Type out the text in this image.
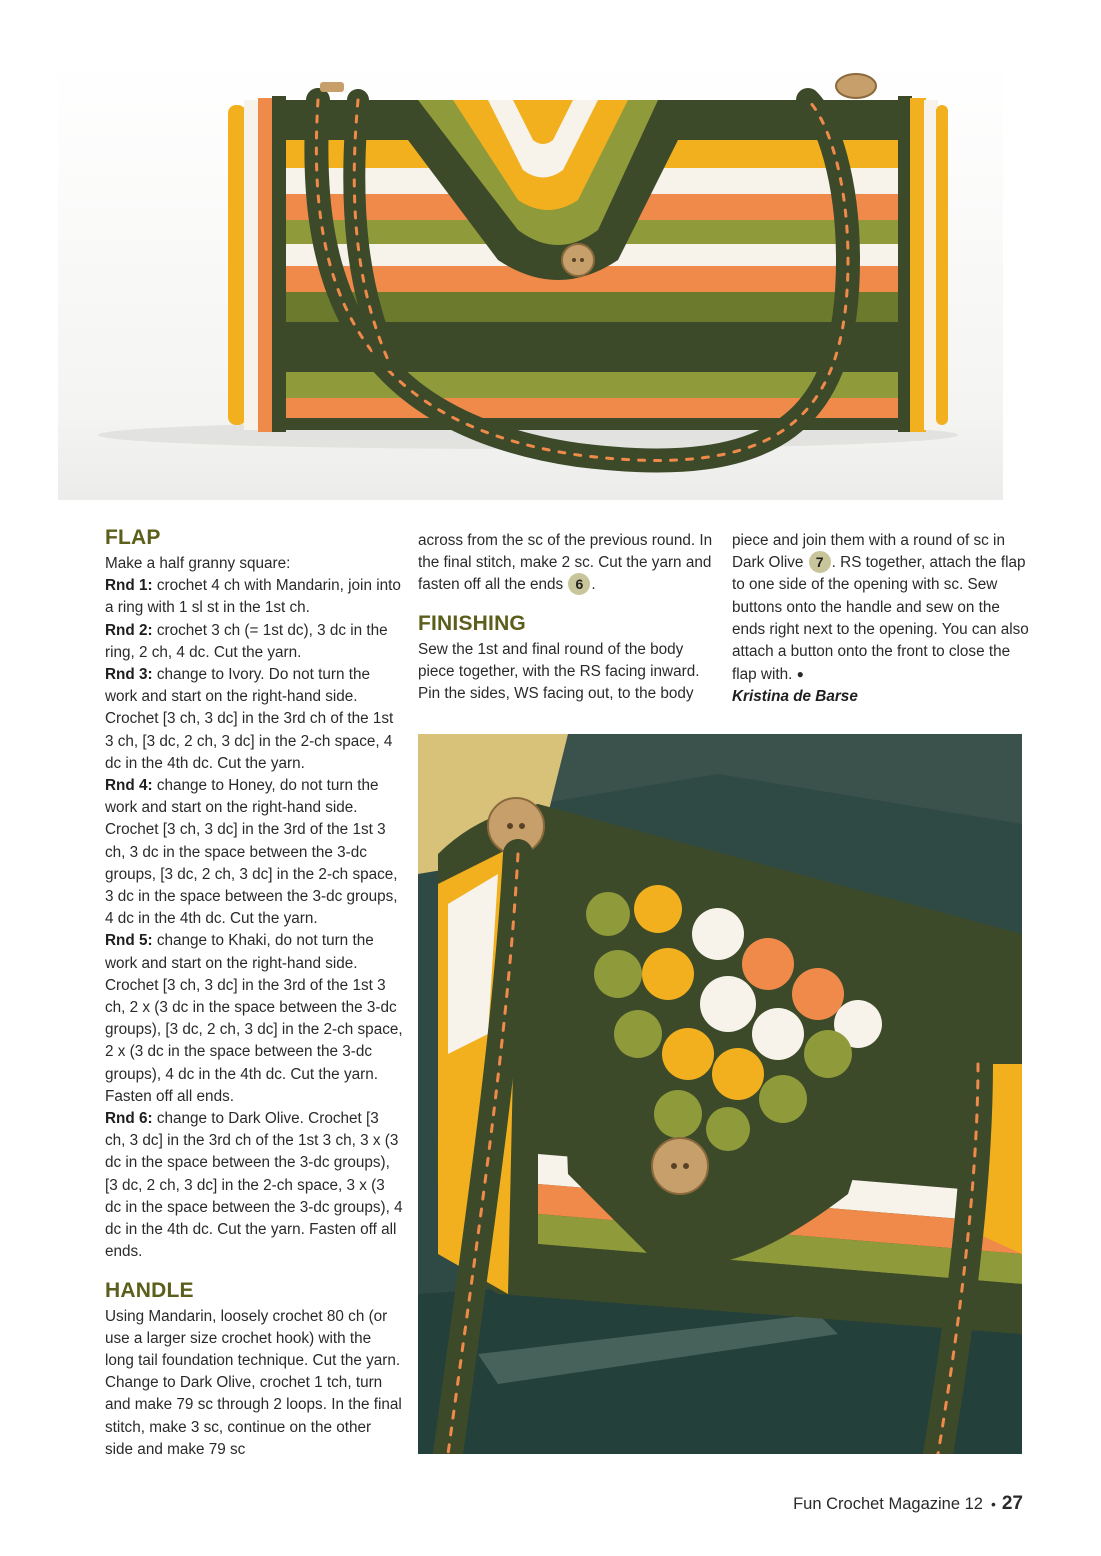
FLAP

Make a half granny square:

Rnd 1: crochet 4 ch with Mandarin, join into a ring with 1 sl st in the 1st ch.

Rnd 2: crochet 3 ch (= 1st dc), 3 dc in the ring, 2 ch, 4 dc. Cut the yarn.

Rnd 3: change to Ivory. Do not turn the work and start on the right-hand side. Crochet [3 ch, 3 dc] in the 3rd ch of the 1st 3 ch, [3 dc, 2 ch, 3 dc] in the 2-ch space, 4 dc in the 4th dc. Cut the yarn.

Rnd 4: change to Honey, do not turn the work and start on the right-hand side. Crochet [3 ch, 3 dc] in the 3rd of the 1st 3 ch, 3 dc in the space between the 3-dc groups, [3 dc, 2 ch, 3 dc] in the 2-ch space, 3 dc in the space between the 3-dc groups, 4 dc in the 4th dc. Cut the yarn.

Rnd 5: change to Khaki, do not turn the work and start on the right-hand side. Crochet [3 ch, 3 dc] in the 3rd of the 1st 3 ch, 2 x (3 dc in the space between the 3-dc groups), [3 dc, 2 ch, 3 dc] in the 2-ch space, 2 x (3 dc in the space between the 3-dc groups), 4 dc in the 4th dc. Cut the yarn. Fasten off all ends.

Rnd 6: change to Dark Olive. Crochet [3 ch, 3 dc] in the 3rd ch of the 1st 3 ch, 3 x (3 dc in the space between the 3-dc groups), [3 dc, 2 ch, 3 dc] in the 2-ch space, 3 x (3 dc in the space between the 3-dc groups), 4 dc in the 4th dc. Cut the yarn. Fasten off all ends.

HANDLE

Using Mandarin, loosely crochet 80 ch (or use a larger size crochet hook) with the long tail foundation technique. Cut the yarn. Change to Dark Olive, crochet 1 tch, turn and make 79 sc through 2 loops. In the final stitch, make 3 sc, continue on the other side and make 79 sc

across from the sc of the previous round. In the final stitch, make 2 sc. Cut the yarn and fasten off all the ends 6 .

FINISHING

Sew the 1st and final round of the body piece together, with the RS facing inward. Pin the sides, WS facing out, to the body

piece and join them with a round of sc in Dark Olive 7 . RS together, attach the flap to one side of the opening with sc. Sew buttons onto the handle and sew on the ends right next to the opening. You can also attach a button onto the front to close the flap with. ●

Kristina de Barse

Fun Crochet Magazine 12 • 27
